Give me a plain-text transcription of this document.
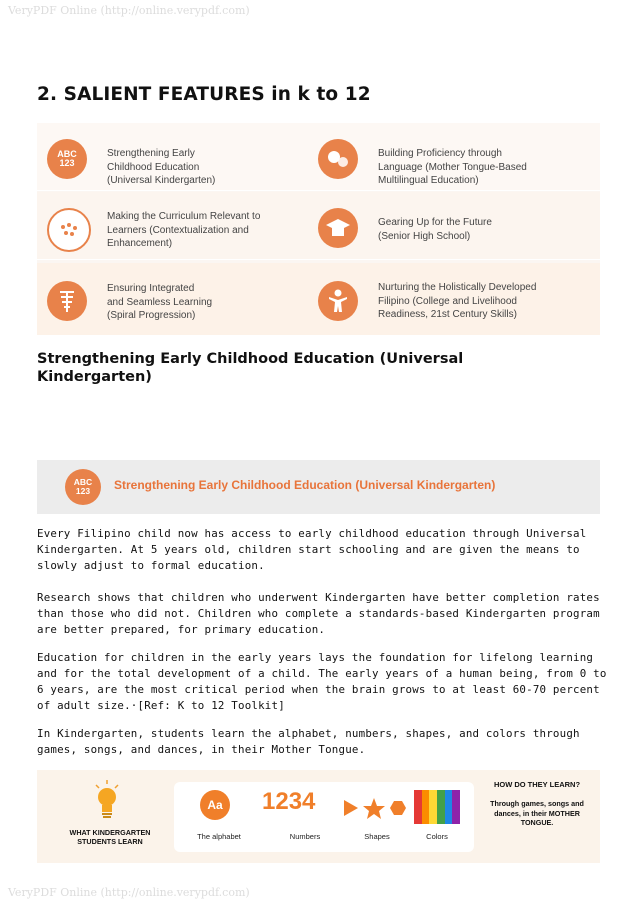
VeryPDF Online (http://online.verypdf.com)
2. SALIENT FEATURES in k to 12
ABC
123
Strengthening Early
Childhood Education
(Universal Kindergarten)
Building Proficiency through
Language (Mother Tongue-Based
Multilingual Education)
Making the Curriculum Relevant to
Learners (Contextualization and
Enhancement)
Gearing Up for the Future
(Senior High School)
Ensuring Integrated
and Seamless Learning
(Spiral Progression)
Nurturing the Holistically Developed
Filipino (College and Livelihood
Readiness, 21st Century Skills)
Strengthening Early Childhood Education (Universal Kindergarten)
ABC
123 Strengthening Early Childhood Education (Universal Kindergarten)

Every Filipino child now has access to early childhood education through Universal
Kindergarten. At 5 years old, children start schooling and are given the means to
slowly adjust to formal education.

Research shows that children who underwent Kindergarten have better completion rates
than those who did not. Children who complete a standards-based Kindergarten program
are better prepared, for primary education.

Education for children in the early years lays the foundation for lifelong learning
and for the total development of a child. The early years of a human being, from 0 to
6 years, are the most critical period when the brain grows to at least 60-70 percent
of adult size.·[Ref: K to 12 Toolkit]

In Kindergarten, students learn the alphabet, numbers, shapes, and colors through
games, songs, and dances, in their Mother Tongue.

WHAT KINDERGARTEN
STUDENTS LEARN
Aa
The alphabet
1234
Numbers	Shapes	Colors
HOW DO THEY LEARN?
Through games, songs and
dances, in their MOTHER
TONGUE.
VeryPDF Online (http://online.verypdf.com)
